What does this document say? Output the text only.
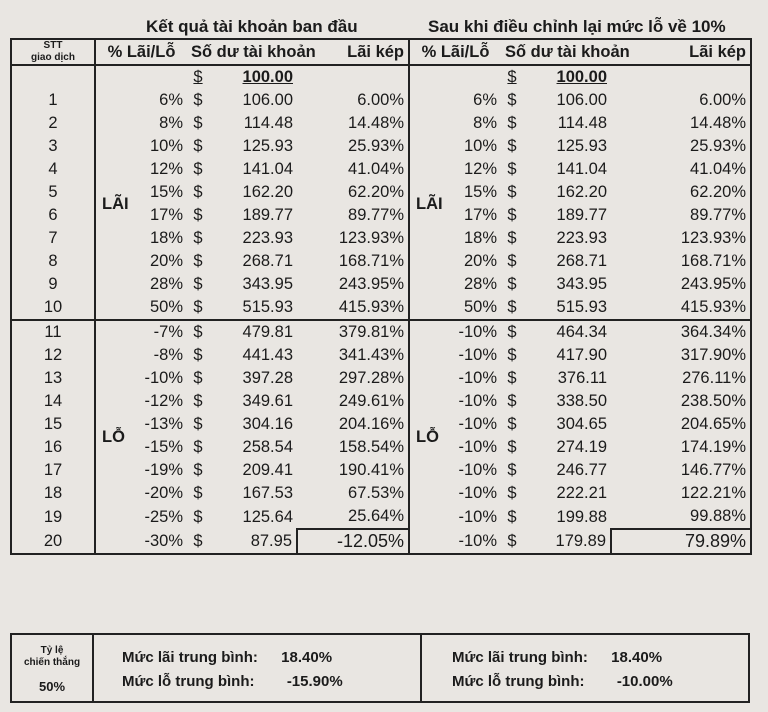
Kết quả tài khoản ban đầu	Sau khi điều chỉnh lại mức lỗ về 10%
STT
giao dịch	% Lãi/Lỗ		Số dư tài khoản		Lãi kép	% Lãi/Lỗ		Số dư tài khoản		Lãi kép
			$	100.00				$	100.00	
1	LÃI	6%	$	106.00	6.00%	LÃI	6%	$	106.00	6.00%
2		8%	$	114.48	14.48%		8%	$	114.48	14.48%
3		10%	$	125.93	25.93%		10%	$	125.93	25.93%
4		12%	$	141.04	41.04%		12%	$	141.04	41.04%
5		15%	$	162.20	62.20%		15%	$	162.20	62.20%
6		17%	$	189.77	89.77%		17%	$	189.77	89.77%
7		18%	$	223.93	123.93%		18%	$	223.93	123.93%
8		20%	$	268.71	168.71%		20%	$	268.71	168.71%
9		28%	$	343.95	243.95%		28%	$	343.95	243.95%
10		50%	$	515.93	415.93%		50%	$	515.93	415.93%
11	LỖ	-7%	$	479.81	379.81%	LỖ	-10%	$	464.34	364.34%
12		-8%	$	441.43	341.43%		-10%	$	417.90	317.90%
13		-10%	$	397.28	297.28%		-10%	$	376.11	276.11%
14		-12%	$	349.61	249.61%		-10%	$	338.50	238.50%
15		-13%	$	304.16	204.16%		-10%	$	304.65	204.65%
16		-15%	$	258.54	158.54%		-10%	$	274.19	174.19%
17		-19%	$	209.41	190.41%		-10%	$	246.77	146.77%
18		-20%	$	167.53	67.53%		-10%	$	222.21	122.21%
19		-25%	$	125.64	25.64%		-10%	$	199.88	99.88%
20		-30%	$	87.95	-12.05%		-10%	$	179.89	79.89%
Tỷ lệ
chiến thắng
50%
Mức lãi trung bình: 18.40%
Mức lỗ trung bình: -15.90%
Mức lãi trung bình: 18.40%
Mức lỗ trung bình: -10.00%
